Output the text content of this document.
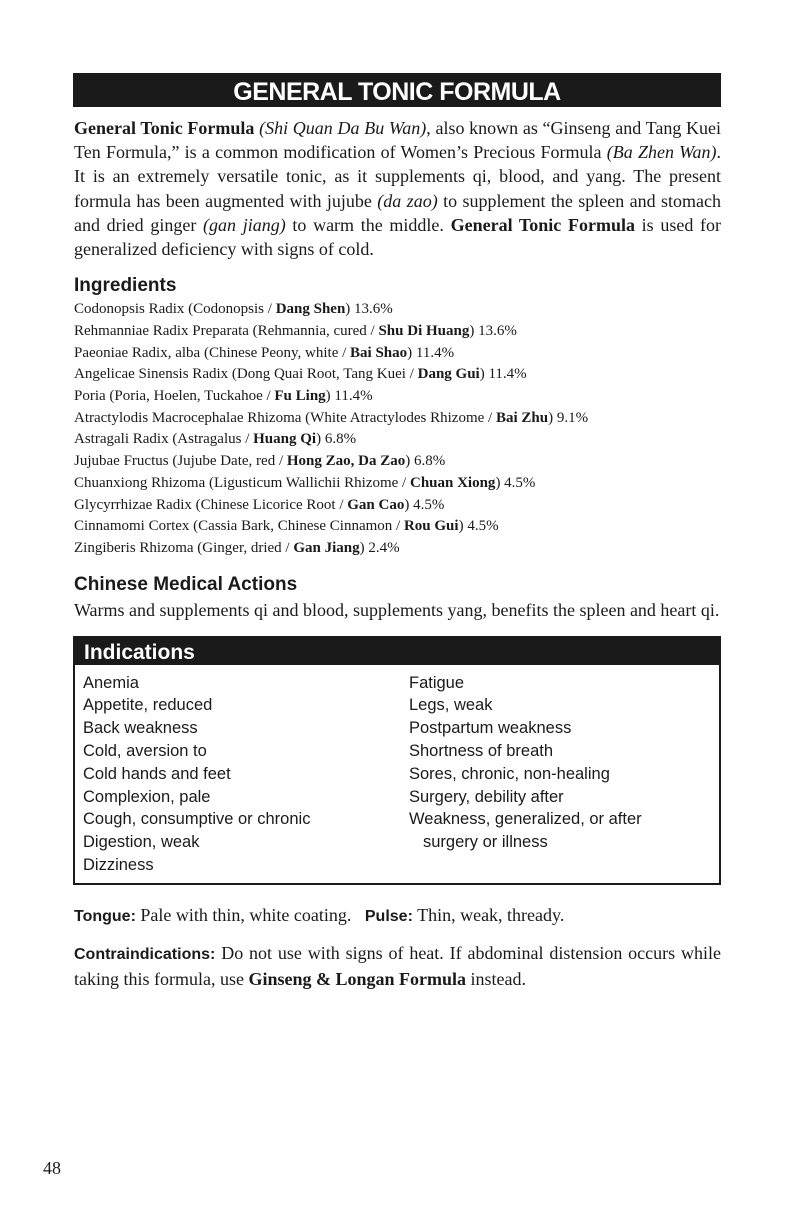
GENERAL TONIC FORMULA

General Tonic Formula (Shi Quan Da Bu Wan), also known as “Ginseng and Tang Kuei Ten Formula,” is a common modification of Women’s Precious Formula (Ba Zhen Wan). It is an extremely versatile tonic, as it supplements qi, blood, and yang. The present formula has been augmented with jujube (da zao) to supplement the spleen and stomach and dried ginger (gan jiang) to warm the middle. General Tonic Formula is used for generalized deficiency with signs of cold.

Ingredients
Codonopsis Radix (Codonopsis / Dang Shen) 13.6%
Rehmanniae Radix Preparata (Rehmannia, cured / Shu Di Huang) 13.6%
Paeoniae Radix, alba (Chinese Peony, white / Bai Shao) 11.4%
Angelicae Sinensis Radix (Dong Quai Root, Tang Kuei / Dang Gui) 11.4%
Poria (Poria, Hoelen, Tuckahoe / Fu Ling) 11.4%
Atractylodis Macrocephalae Rhizoma (White Atractylodes Rhizome / Bai Zhu) 9.1%
Astragali Radix (Astragalus / Huang Qi) 6.8%
Jujubae Fructus (Jujube Date, red / Hong Zao, Da Zao) 6.8%
Chuanxiong Rhizoma (Ligusticum Wallichii Rhizome / Chuan Xiong) 4.5%
Glycyrrhizae Radix (Chinese Licorice Root / Gan Cao) 4.5%
Cinnamomi Cortex (Cassia Bark, Chinese Cinnamon / Rou Gui) 4.5%
Zingiberis Rhizoma (Ginger, dried / Gan Jiang) 2.4%
Chinese Medical Actions
Warms and supplements qi and blood, supplements yang, benefits the spleen and heart qi.
Indications
Anemia
Appetite, reduced
Back weakness
Cold, aversion to
Cold hands and feet
Complexion, pale
Cough, consumptive or chronic
Digestion, weak
Dizziness
Fatigue
Legs, weak
Postpartum weakness
Shortness of breath
Sores, chronic, non-healing
Surgery, debility after
Weakness, generalized, or after
surgery or illness
Tongue: Pale with thin, white coating. Pulse: Thin, weak, thready.
Contraindications: Do not use with signs of heat. If abdominal distension occurs while taking this formula, use Ginseng & Longan Formula instead.
48
